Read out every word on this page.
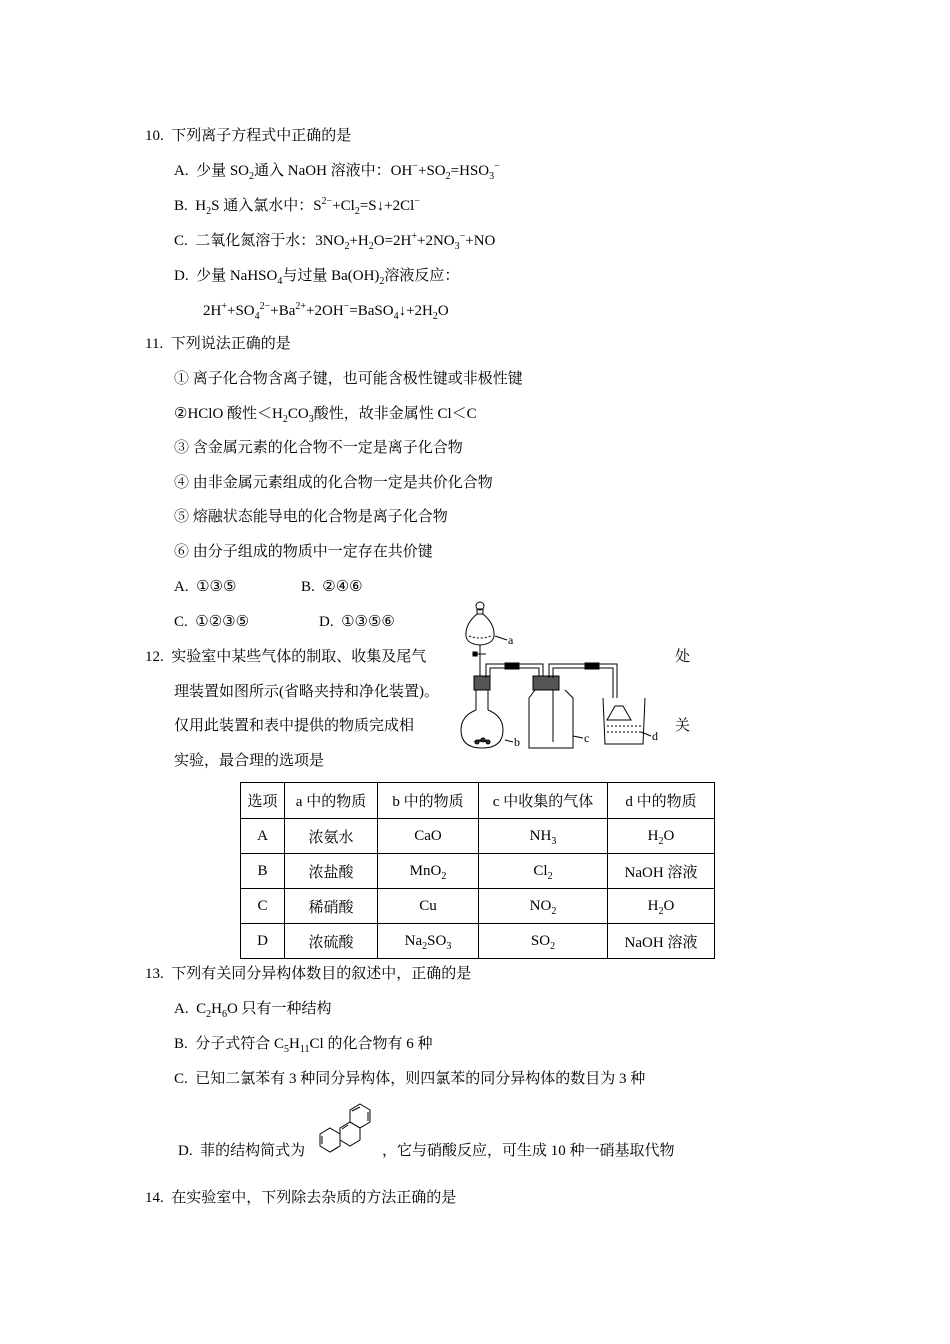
10. 下列离子方程式中正确的是
A. 少量 $SO_2$通入 NaOH 溶液中：$OH^-+SO_2=HSO_3^-$
B. $H_2S$ 通入氯水中：$S^{2-}+Cl_2=S↓+2Cl^-$
C. 二氧化氮溶于水：$3NO_2+H_2O=2H^++2NO_3^-+NO$
D. 少量 NaHSO$_4$与过量 $Ba(OH)_2$溶液反应：
$2H^++SO_4^{2-}+Ba^{2+}+2OH^-=BaSO_4↓+2H_2O$
11. 下列说法正确的是
① 离子化合物含离子键，也可能含极性键或非极性键
②HClO 酸性$<H_2CO_3$酸性，故非金属性 Cl＜C
③ 含金属元素的化合物不一定是离子化合物
④ 由非金属元素组成的化合物一定是共价化合物
⑤ 熔融状态能导电的化合物是离子化合物
⑥ 由分子组成的物质中一定存在共价键
A. ①③⑤	B. ②④⑥
C. ①②③⑤	D. ①③⑤⑥
12. 实验室中某些气体的制取、收集及尾气	处
理装置如图所示(省略夹持和净化装置)。
仅用此装置和表中提供的物质完成相	关
实验，最合理的选项是
a
b	c	d
选项	a 中的物质	b 中的物质	c 中收集的气体	d 中的物质
A	浓氨水	CaO	$NH_3$	$H_2O$
B	浓盐酸	MnO$_2$	$Cl_2$	NaOH 溶液
C	稀硝酸	Cu	$NO_2$	$H_2O$
D	浓硫酸	$Na_2SO_3$	$SO_2$	NaOH 溶液
13. 下列有关同分异构体数目的叙述中，正确的是
A. $C_2H_6O$ 只有一种结构
B. 分子式符合 $C_5H_{11}Cl$ 的化合物有 6 种
C. 已知二氯苯有 3 种同分异构体，则四氯苯的同分异构体的数目为 3 种
D. 菲的结构简式为	，它与硝酸反应，可生成 10 种一硝基取代物
14. 在实验室中，下列除去杂质的方法正确的是
